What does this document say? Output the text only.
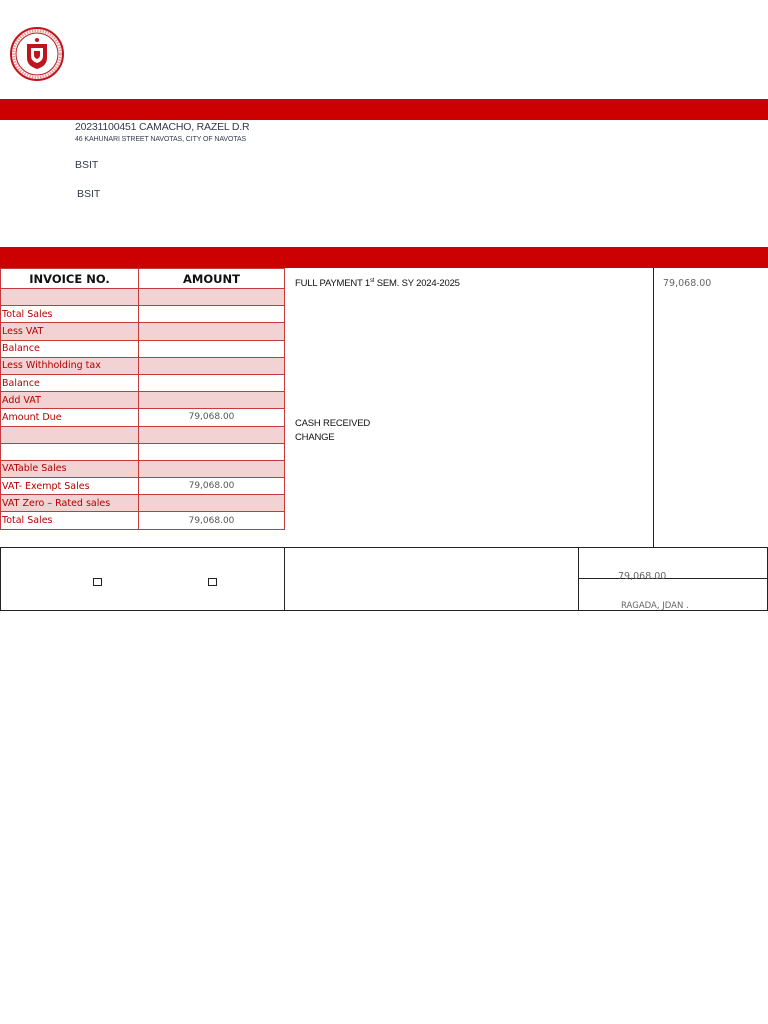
20231100451 CAMACHO, RAZEL D.R
46 KAHUNARI STREET NAVOTAS, CITY OF NAVOTAS
BSIT
BSIT
INVOICE NO.	AMOUNT

Total Sales	
Less VAT	
Balance	
Less Withholding tax	
Balance	
Add VAT	
Amount Due	79,068.00

VATable Sales	
VAT- Exempt Sales	79,068.00
VAT Zero – Rated sales	
Total Sales	79,068.00
FULL PAYMENT 1st SEM. SY 2024-2025
CASH RECEIVED
CHANGE
79,068.00
79,068.00
RAGADA, JDAN .
